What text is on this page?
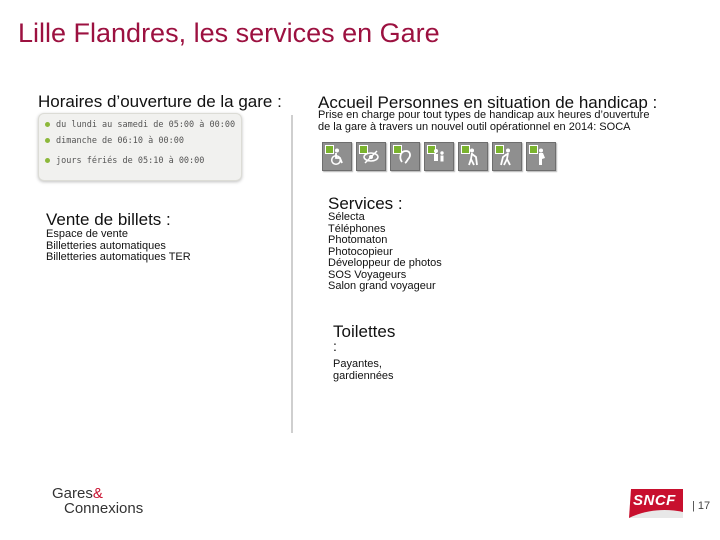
Lille Flandres, les services en Gare
Horaires d’ouverture de la gare :
du lundi au samedi de 05:00 à 00:00
dimanche de 06:10 à 00:00
jours fériés de 05:10 à 00:00
Vente de billets :
Espace de vente
Billetteries automatiques
Billetteries automatiques TER
Accueil Personnes en situation de handicap :
Prise en charge pour tout types de handicap aux heures d’ouverture
de la gare à travers un nouvel outil opérationnel en 2014: SOCA
Services :
Sélecta
Téléphones
Photomaton
Photocopieur
Développeur de photos
SOS Voyageurs
Salon grand voyageur
Toilettes
:
Payantes,
gardiennées
Gares&
Connexions	SNCF | 17
